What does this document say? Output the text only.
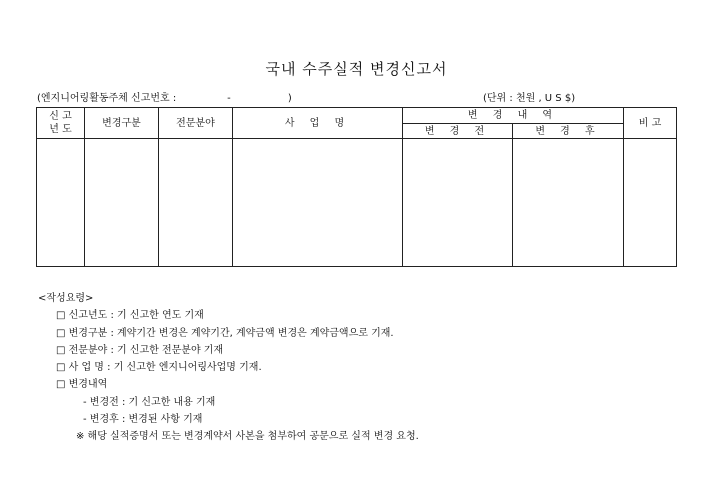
국내 수주실적 변경신고서
(엔지니어링활동주체 신고번호 :                -                  )	(단위 : 천원 , U S $)
신 고
년 도	변경구분	전문분야	사 업 명	변 경 내 역		비 고
				변 경 전	변 경 후	

<작성요령>
□ 신고년도 : 기 신고한 연도 기재
□ 변경구분 : 계약기간 변경은 계약기간, 계약금액 변경은 계약금액으로 기재.
□ 전문분야 : 기 신고한 전문분야 기재
□ 사 업 명 : 기 신고한 엔지니어링사업명 기재.
□ 변경내역
- 변경전 : 기 신고한 내용 기재
- 변경후 : 변경된 사항 기재
※ 해당 실적증명서 또는 변경계약서 사본을 첨부하여 공문으로 실적 변경 요청.
